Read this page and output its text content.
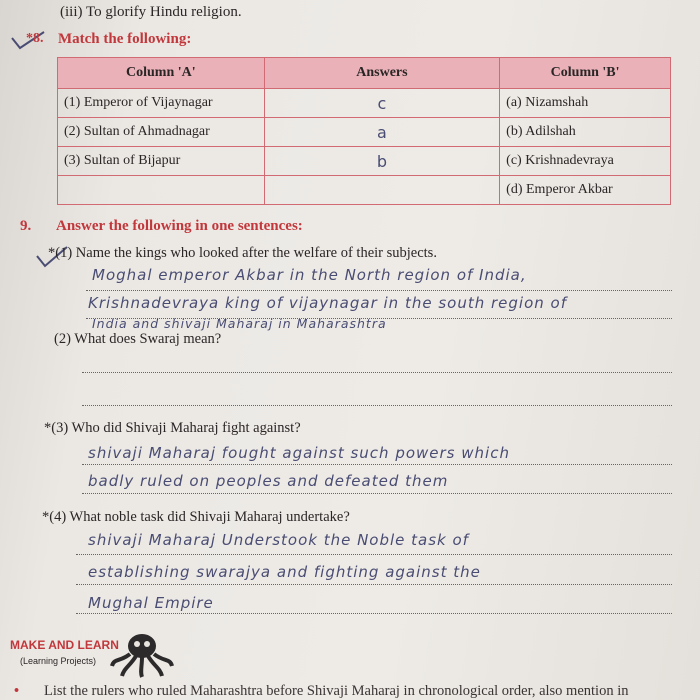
(iii) To glorify Hindu religion.
*8. Match the following:
Column 'A'	Answers	Column 'B'
(1) Emperor of Vijaynagar	c	(a) Nizamshah
(2) Sultan of Ahmadnagar	a	(b) Adilshah
(3) Sultan of Bijapur	b	(c) Krishnadevraya
		(d) Emperor Akbar
9. Answer the following in one sentences:
*(1) Name the kings who looked after the welfare of their subjects.
Moghal emperor Akbar in the North region of India,
Krishnadevraya king of vijaynagar in the south region of
India and shivaji Maharaj in Maharashtra
(2) What does Swaraj mean?
*(3) Who did Shivaji Maharaj fight against?
shivaji Maharaj fought against such powers which
badly ruled on peoples and defeated them
*(4) What noble task did Shivaji Maharaj undertake?
shivaji Maharaj Understook the Noble task of
establishing swarajya and fighting against the
Mughal Empire
MAKE AND LEARN
(Learning Projects)
• List the rulers who ruled Maharashtra before Shivaji Maharaj in chronological order, also mention in
